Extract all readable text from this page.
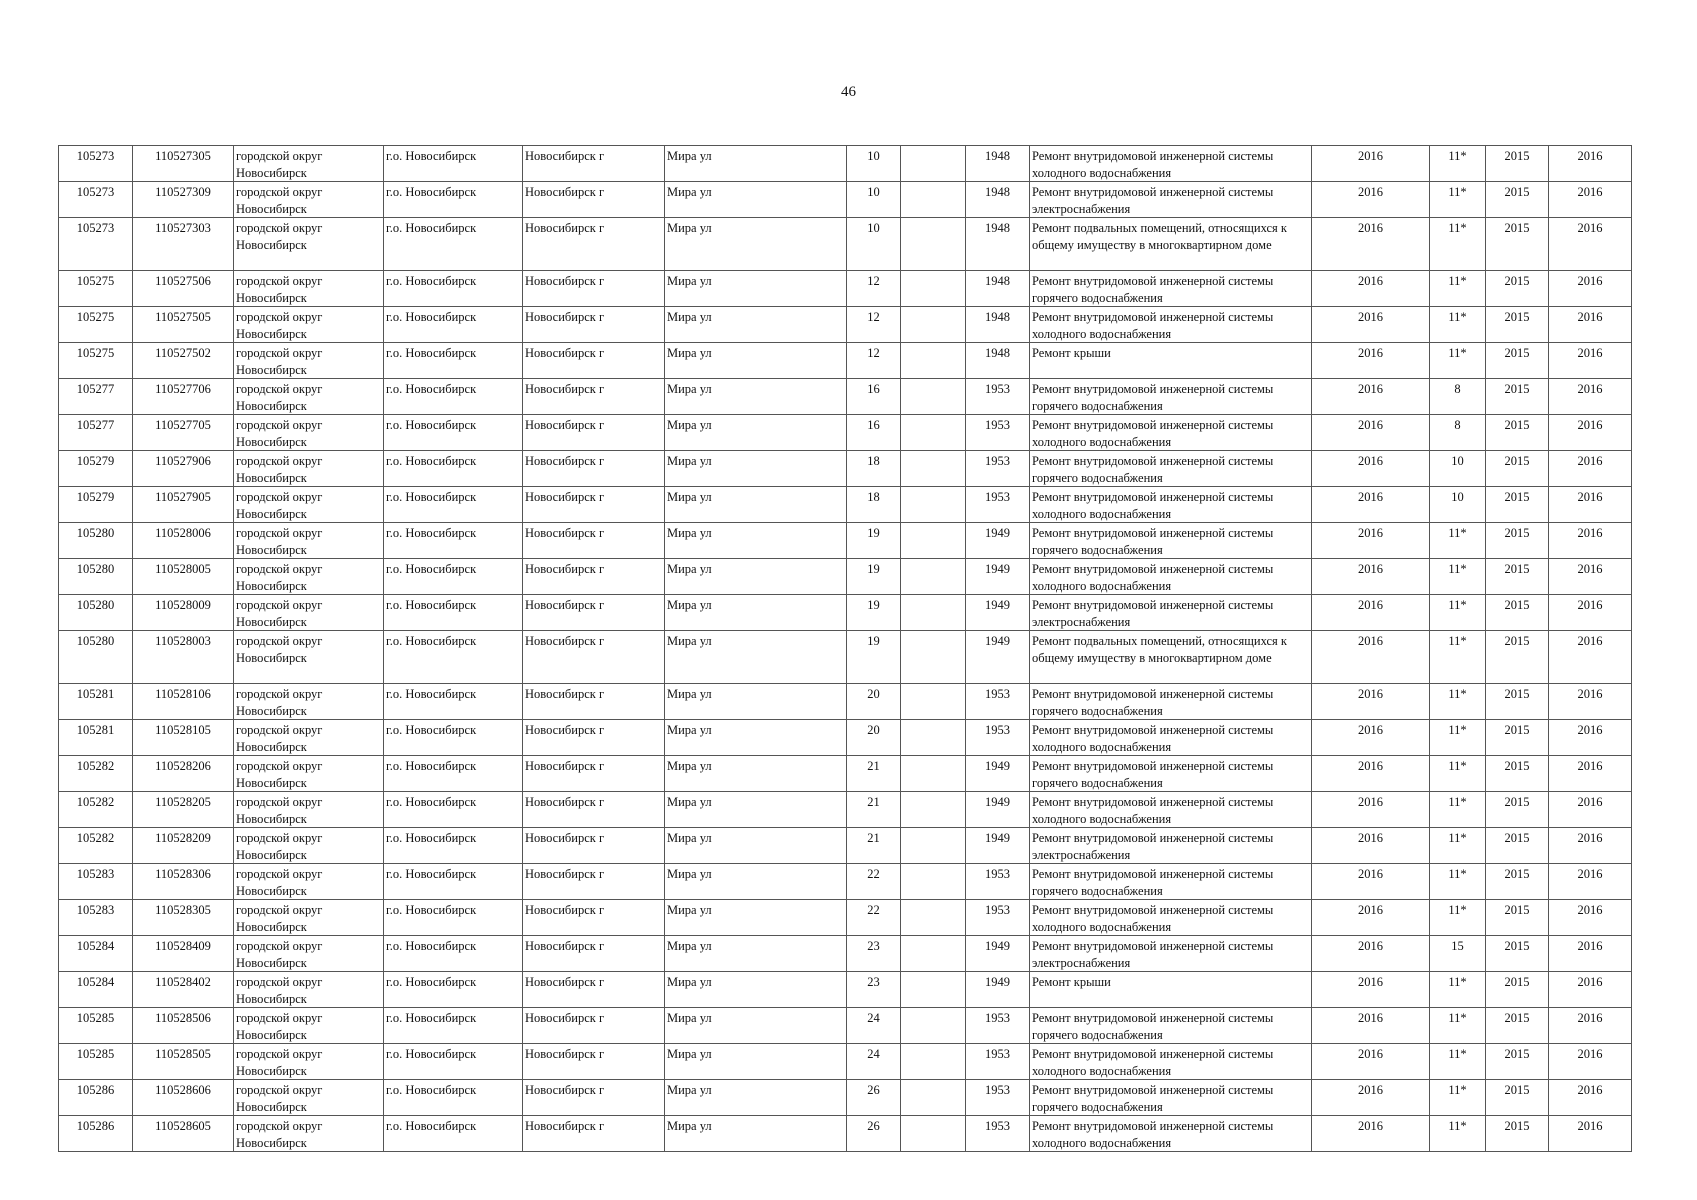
46
105273	110527305	городской округ Новосибирск	г.о. Новосибирск	Новосибирск г	Мира ул	10		1948	Ремонт внутридомовой инженерной системы холодного водоснабжения	2016	11*	2015	2016
105273	110527309	городской округ Новосибирск	г.о. Новосибирск	Новосибирск г	Мира ул	10		1948	Ремонт внутридомовой инженерной системы электроснабжения	2016	11*	2015	2016
105273	110527303	городской округ Новосибирск	г.о. Новосибирск	Новосибирск г	Мира ул	10		1948	Ремонт подвальных помещений, относящихся к общему имуществу в многоквартирном доме	2016	11*	2015	2016
105275	110527506	городской округ Новосибирск	г.о. Новосибирск	Новосибирск г	Мира ул	12		1948	Ремонт внутридомовой инженерной системы горячего водоснабжения	2016	11*	2015	2016
105275	110527505	городской округ Новосибирск	г.о. Новосибирск	Новосибирск г	Мира ул	12		1948	Ремонт внутридомовой инженерной системы холодного водоснабжения	2016	11*	2015	2016
105275	110527502	городской округ Новосибирск	г.о. Новосибирск	Новосибирск г	Мира ул	12		1948	Ремонт крыши	2016	11*	2015	2016
105277	110527706	городской округ Новосибирск	г.о. Новосибирск	Новосибирск г	Мира ул	16		1953	Ремонт внутридомовой инженерной системы горячего водоснабжения	2016	8	2015	2016
105277	110527705	городской округ Новосибирск	г.о. Новосибирск	Новосибирск г	Мира ул	16		1953	Ремонт внутридомовой инженерной системы холодного водоснабжения	2016	8	2015	2016
105279	110527906	городской округ Новосибирск	г.о. Новосибирск	Новосибирск г	Мира ул	18		1953	Ремонт внутридомовой инженерной системы горячего водоснабжения	2016	10	2015	2016
105279	110527905	городской округ Новосибирск	г.о. Новосибирск	Новосибирск г	Мира ул	18		1953	Ремонт внутридомовой инженерной системы холодного водоснабжения	2016	10	2015	2016
105280	110528006	городской округ Новосибирск	г.о. Новосибирск	Новосибирск г	Мира ул	19		1949	Ремонт внутридомовой инженерной системы горячего водоснабжения	2016	11*	2015	2016
105280	110528005	городской округ Новосибирск	г.о. Новосибирск	Новосибирск г	Мира ул	19		1949	Ремонт внутридомовой инженерной системы холодного водоснабжения	2016	11*	2015	2016
105280	110528009	городской округ Новосибирск	г.о. Новосибирск	Новосибирск г	Мира ул	19		1949	Ремонт внутридомовой инженерной системы электроснабжения	2016	11*	2015	2016
105280	110528003	городской округ Новосибирск	г.о. Новосибирск	Новосибирск г	Мира ул	19		1949	Ремонт подвальных помещений, относящихся к общему имуществу в многоквартирном доме	2016	11*	2015	2016
105281	110528106	городской округ Новосибирск	г.о. Новосибирск	Новосибирск г	Мира ул	20		1953	Ремонт внутридомовой инженерной системы горячего водоснабжения	2016	11*	2015	2016
105281	110528105	городской округ Новосибирск	г.о. Новосибирск	Новосибирск г	Мира ул	20		1953	Ремонт внутридомовой инженерной системы холодного водоснабжения	2016	11*	2015	2016
105282	110528206	городской округ Новосибирск	г.о. Новосибирск	Новосибирск г	Мира ул	21		1949	Ремонт внутридомовой инженерной системы горячего водоснабжения	2016	11*	2015	2016
105282	110528205	городской округ Новосибирск	г.о. Новосибирск	Новосибирск г	Мира ул	21		1949	Ремонт внутридомовой инженерной системы холодного водоснабжения	2016	11*	2015	2016
105282	110528209	городской округ Новосибирск	г.о. Новосибирск	Новосибирск г	Мира ул	21		1949	Ремонт внутридомовой инженерной системы электроснабжения	2016	11*	2015	2016
105283	110528306	городской округ Новосибирск	г.о. Новосибирск	Новосибирск г	Мира ул	22		1953	Ремонт внутридомовой инженерной системы горячего водоснабжения	2016	11*	2015	2016
105283	110528305	городской округ Новосибирск	г.о. Новосибирск	Новосибирск г	Мира ул	22		1953	Ремонт внутридомовой инженерной системы холодного водоснабжения	2016	11*	2015	2016
105284	110528409	городской округ Новосибирск	г.о. Новосибирск	Новосибирск г	Мира ул	23		1949	Ремонт внутридомовой инженерной системы электроснабжения	2016	15	2015	2016
105284	110528402	городской округ Новосибирск	г.о. Новосибирск	Новосибирск г	Мира ул	23		1949	Ремонт крыши	2016	11*	2015	2016
105285	110528506	городской округ Новосибирск	г.о. Новосибирск	Новосибирск г	Мира ул	24		1953	Ремонт внутридомовой инженерной системы горячего водоснабжения	2016	11*	2015	2016
105285	110528505	городской округ Новосибирск	г.о. Новосибирск	Новосибирск г	Мира ул	24		1953	Ремонт внутридомовой инженерной системы холодного водоснабжения	2016	11*	2015	2016
105286	110528606	городской округ Новосибирск	г.о. Новосибирск	Новосибирск г	Мира ул	26		1953	Ремонт внутридомовой инженерной системы горячего водоснабжения	2016	11*	2015	2016
105286	110528605	городской округ Новосибирск	г.о. Новосибирск	Новосибирск г	Мира ул	26		1953	Ремонт внутридомовой инженерной системы холодного водоснабжения	2016	11*	2015	2016
